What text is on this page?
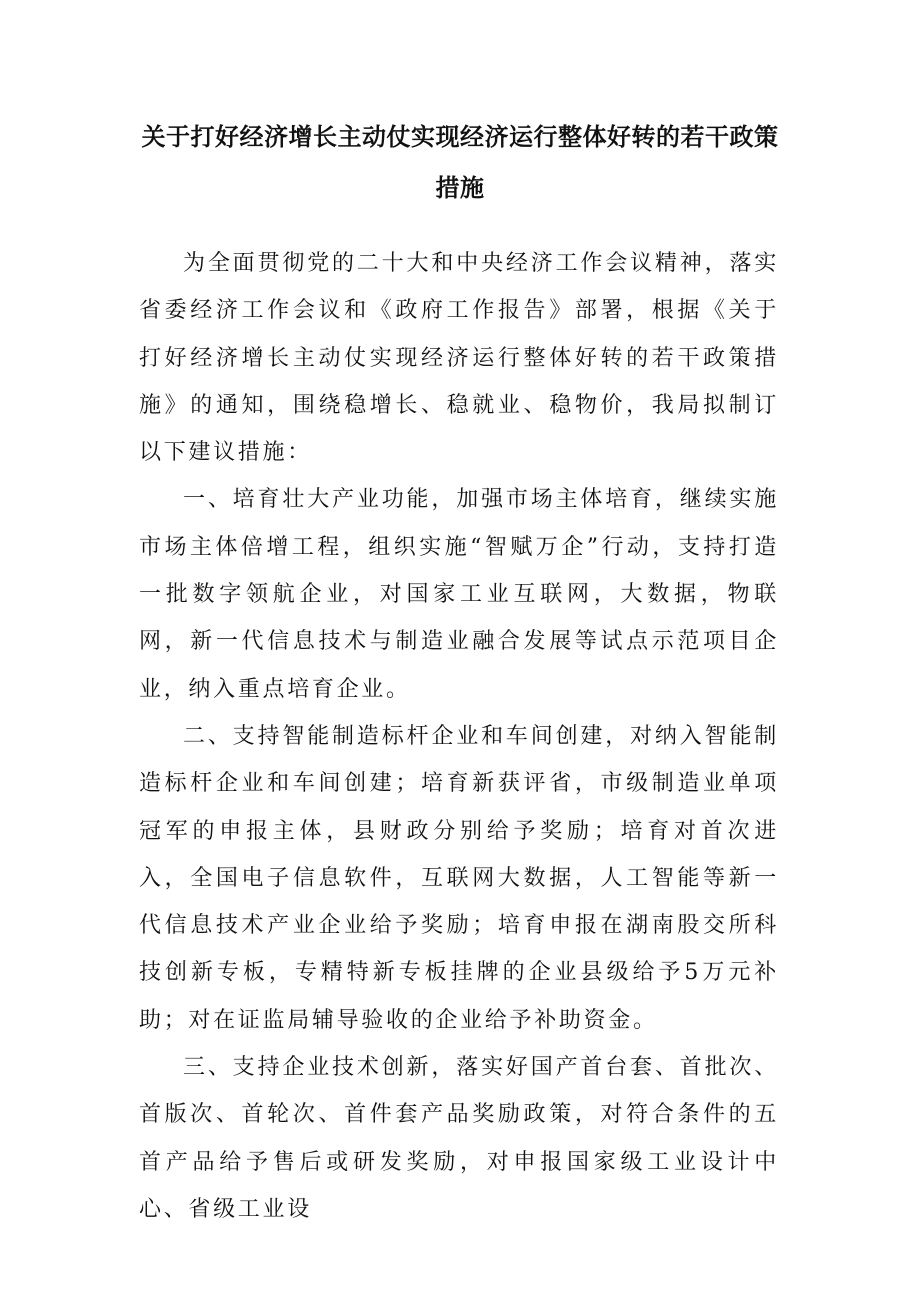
关于打好经济增长主动仗实现经济运行整体好转的若干政策措施

为全面贯彻党的二十大和中央经济工作会议精神，落实省委经济工作会议和《政府工作报告》部署，根据《关于打好经济增长主动仗实现经济运行整体好转的若干政策措施》的通知，围绕稳增长、稳就业、稳物价，我局拟制订以下建议措施：

一、培育壮大产业功能，加强市场主体培育，继续实施市场主体倍增工程，组织实施“智赋万企”行动，支持打造一批数字领航企业，对国家工业互联网，大数据，物联网，新一代信息技术与制造业融合发展等试点示范项目企业，纳入重点培育企业。

二、支持智能制造标杆企业和车间创建，对纳入智能制造标杆企业和车间创建；培育新获评省，市级制造业单项冠军的申报主体，县财政分别给予奖励；培育对首次进入，全国电子信息软件，互联网大数据，人工智能等新一代信息技术产业企业给予奖励；培育申报在湖南股交所科技创新专板，专精特新专板挂牌的企业县级给予5万元补助；对在证监局辅导验收的企业给予补助资金。

三、支持企业技术创新，落实好国产首台套、首批次、首版次、首轮次、首件套产品奖励政策，对符合条件的五首产品给予售后或研发奖励，对申报国家级工业设计中心、省级工业设
